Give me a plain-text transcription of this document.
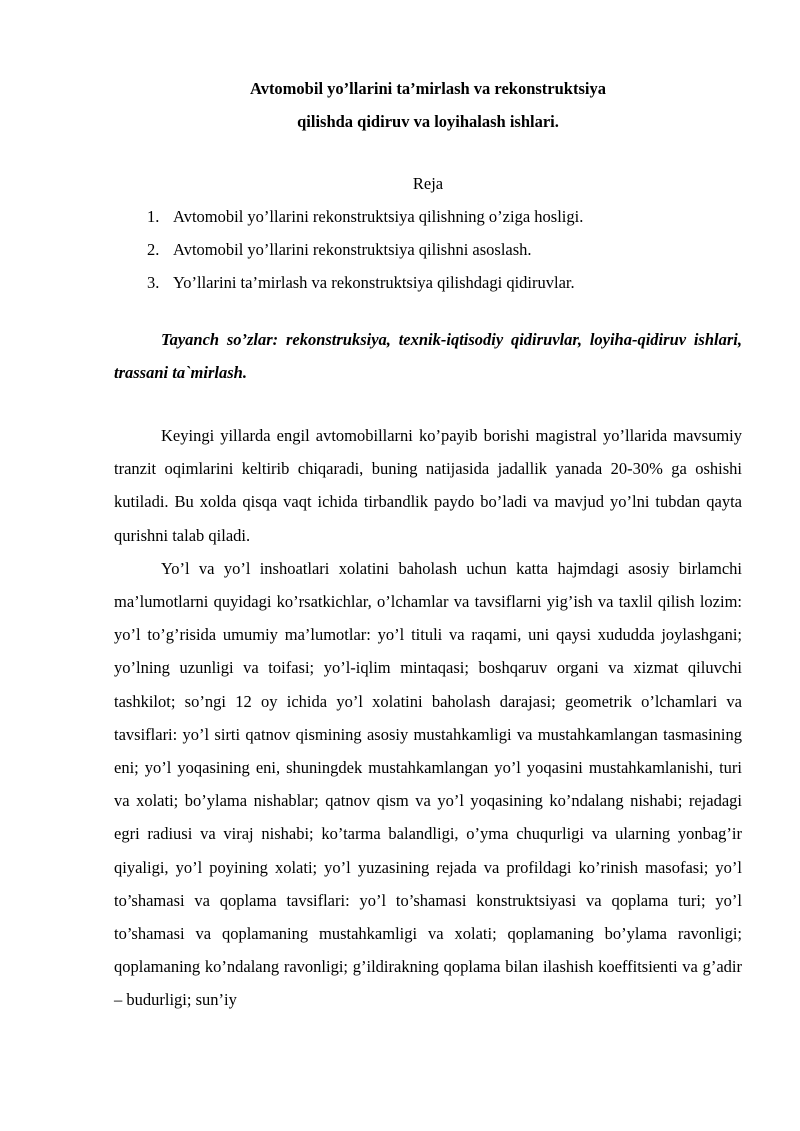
Avtomobil yo’llarini ta’mirlash va rekonstruktsiya

qilishda qidiruv va loyihalash ishlari.

Reja

1. Avtomobil yo’llarini rekonstruktsiya qilishning o’ziga hosligi.
2. Avtomobil yo’llarini rekonstruktsiya qilishni asoslash.
3. Yo’llarini ta’mirlash va rekonstruktsiya qilishdagi qidiruvlar.

Tayanch so’zlar: rekonstruksiya, texnik-iqtisodiy qidiruvlar, loyiha-qidiruv ishlari, trassani ta`mirlash.

Keyingi yillarda engil avtomobillarni ko’payib borishi magistral yo’llarida mavsumiy tranzit oqimlarini keltirib chiqaradi, buning natijasida jadallik yanada 20-30% ga oshishi kutiladi. Bu xolda qisqa vaqt ichida tirbandlik paydo bo’ladi va mavjud yo’lni tubdan qayta qurishni talab qiladi.

Yo’l va yo’l inshoatlari xolatini baholash uchun katta hajmdagi asosiy birlamchi ma’lumotlarni quyidagi ko’rsatkichlar, o’lchamlar va tavsiflarni yig’ish va taxlil qilish lozim: yo’l to’g’risida umumiy ma’lumotlar: yo’l tituli va raqami, uni qaysi xududda joylashgani; yo’lning uzunligi va toifasi; yo’l-iqlim mintaqasi; boshqaruv organi va xizmat qiluvchi tashkilot; so’ngi 12 oy ichida yo’l xolatini baholash darajasi; geometrik o’lchamlari va tavsiflari: yo’l sirti qatnov qismining asosiy mustahkamligi va mustahkamlangan tasmasining eni; yo’l yoqasining eni, shuningdek mustahkamlangan yo’l yoqasini mustahkamlanishi, turi va xolati; bo’ylama nishablar; qatnov qism va yo’l yoqasining ko’ndalang nishabi; rejadagi egri radiusi va viraj nishabi; ko’tarma balandligi, o’yma chuqurligi va ularning yonbag’ir qiyaligi, yo’l poyining xolati; yo’l yuzasining rejada va profildagi ko’rinish masofasi; yo’l to’shamasi va qoplama tavsiflari: yo’l to’shamasi konstruktsiyasi va qoplama turi; yo’l to’shamasi va qoplamaning mustahkamligi va xolati; qoplamaning bo’ylama ravonligi; qoplamaning ko’ndalang ravonligi; g’ildirakning qoplama bilan ilashish koeffitsienti va g’adir – budurligi; sun’iy
